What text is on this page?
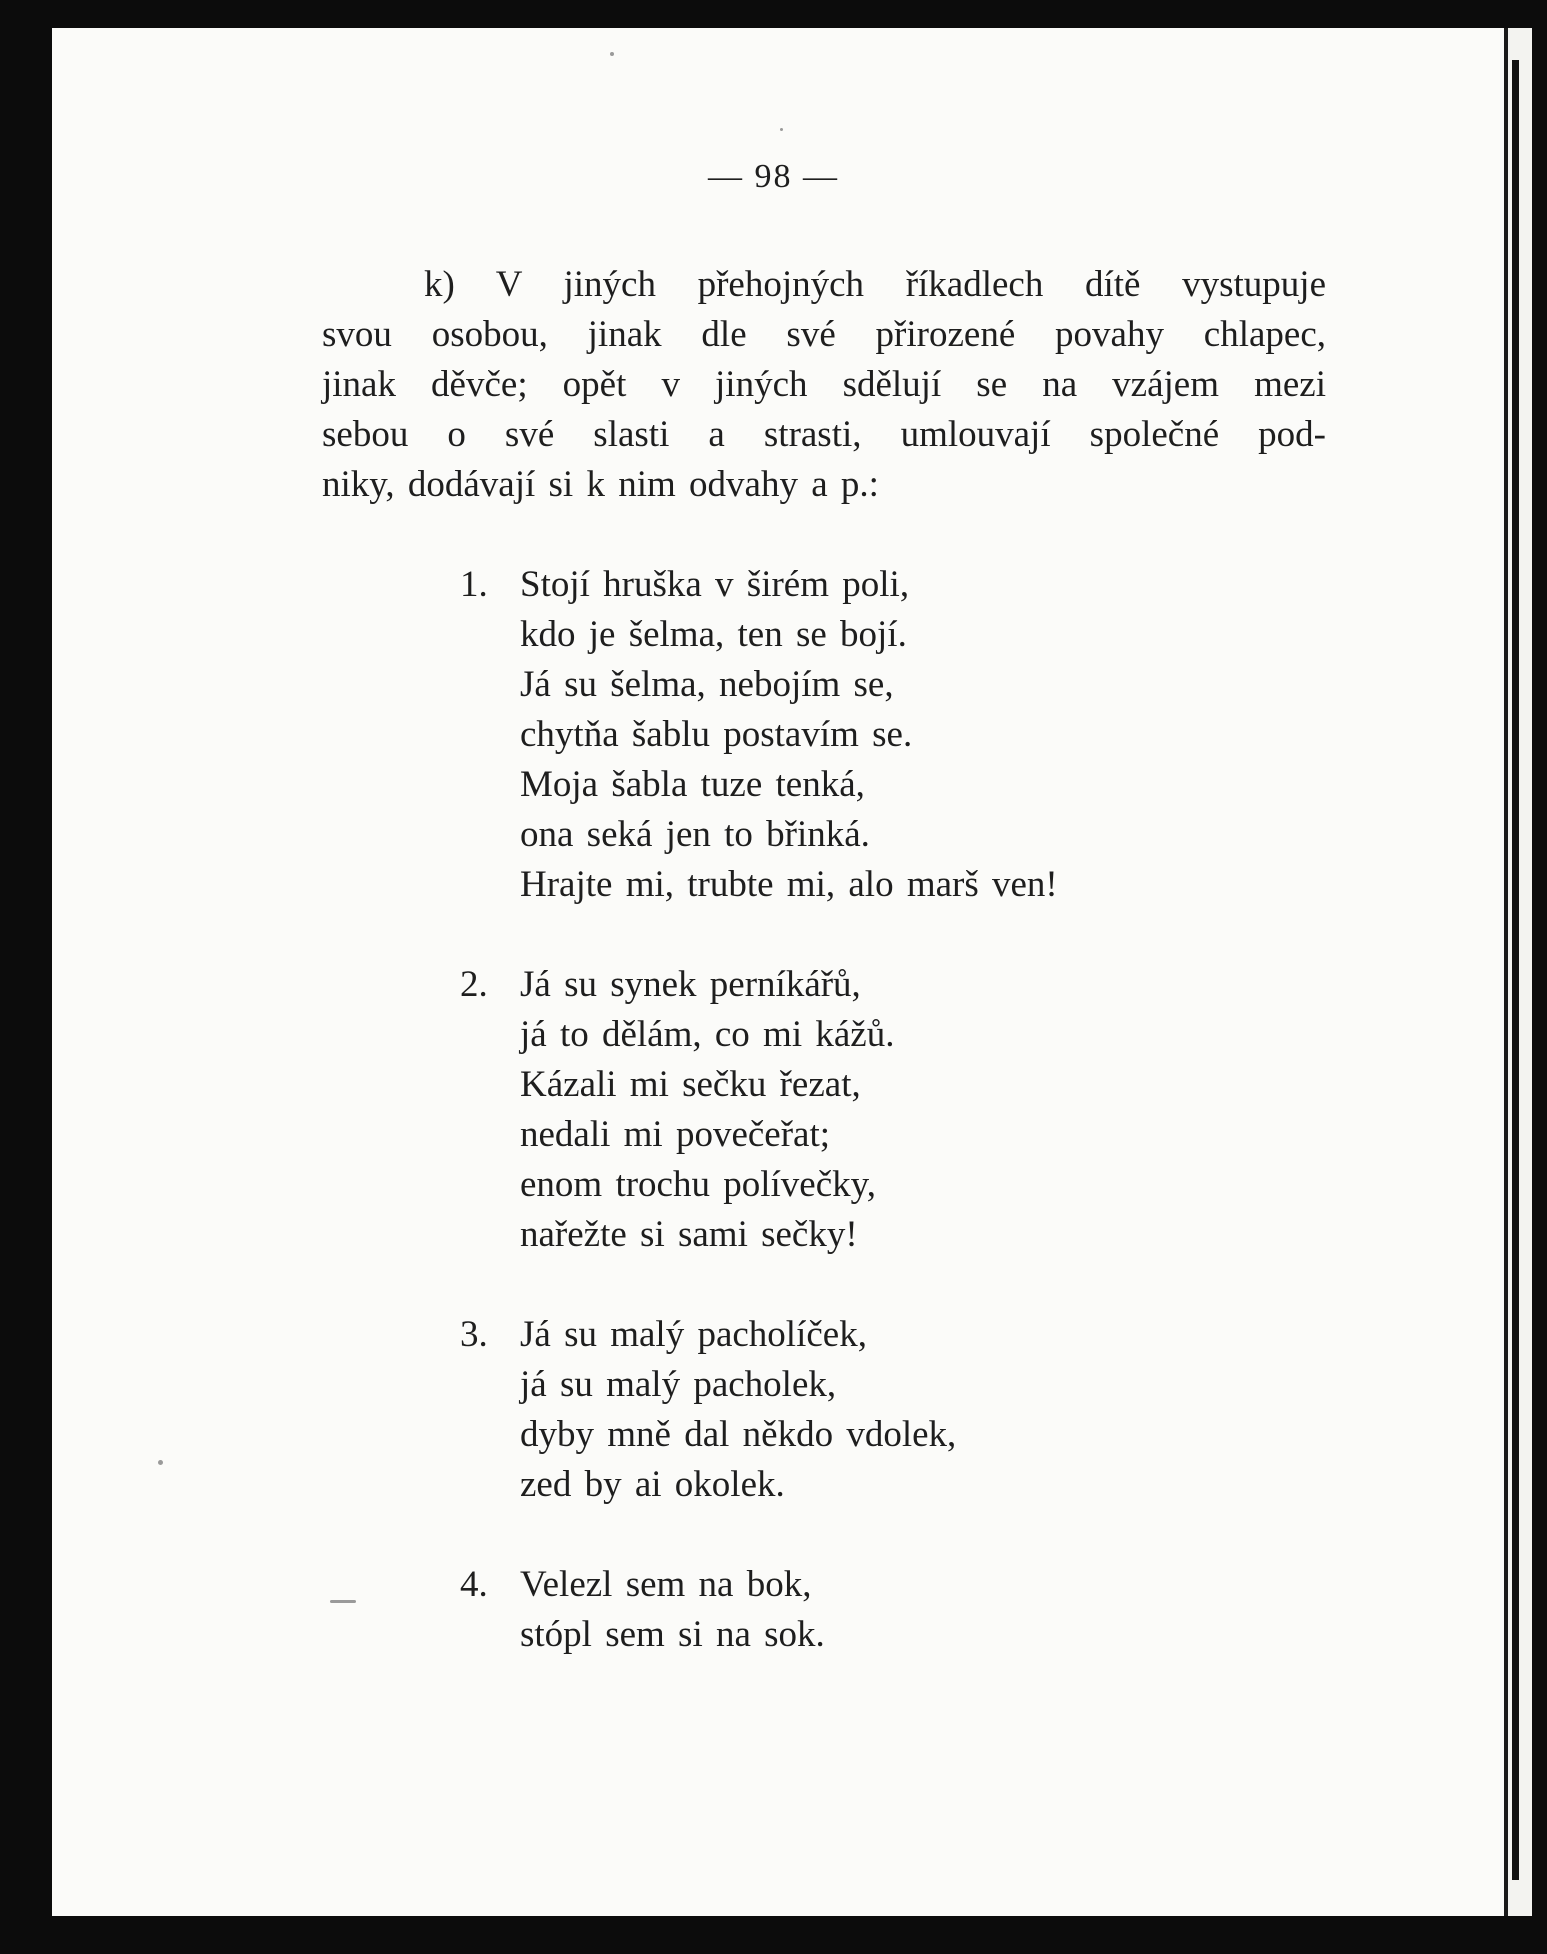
— 98 —
k) V jiných přehojných říkadlech dítě vystupuje
svou osobou, jinak dle své přirozené povahy chlapec,
jinak děvče; opět v jiných sdělují se na vzájem mezi
sebou o své slasti a strasti, umlouvají společné pod-
niky, dodávají si k nim odvahy a p.:
1. Stojí hruška v širém poli,
kdo je šelma, ten se bojí.
Já su šelma, nebojím se,
chytňa šablu postavím se.
Moja šabla tuze tenká,
ona seká jen to břinká.
Hrajte mi, trubte mi, alo marš ven!
2. Já su synek perníkářů,
já to dělám, co mi kážů.
Kázali mi sečku řezat,
nedali mi povečeřat;
enom trochu polívečky,
nařežte si sami sečky!
3. Já su malý pacholíček,
já su malý pacholek,
dyby mně dal někdo vdolek,
zed by ai okolek.
4. Velezl sem na bok,
stópl sem si na sok.
